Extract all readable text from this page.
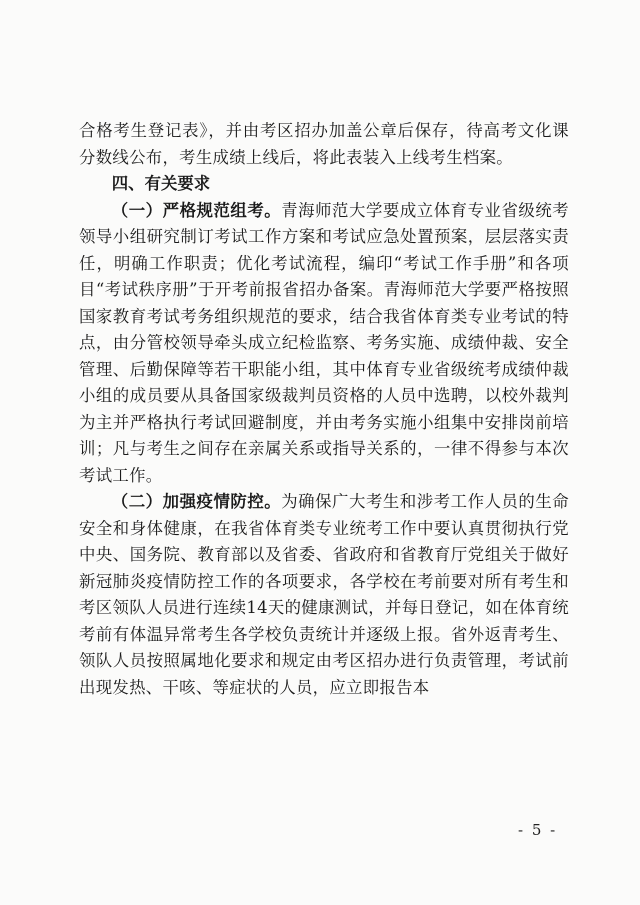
合格考生登记表》，并由考区招办加盖公章后保存，待高考文化课分数线公布，考生成绩上线后，将此表装入上线考生档案。

四、有关要求

（一）严格规范组考。青海师范大学要成立体育专业省级统考领导小组研究制订考试工作方案和考试应急处置预案，层层落实责任，明确工作职责；优化考试流程，编印“考试工作手册”和各项目“考试秩序册”于开考前报省招办备案。青海师范大学要严格按照国家教育考试考务组织规范的要求，结合我省体育类专业考试的特点，由分管校领导牵头成立纪检监察、考务实施、成绩仲裁、安全管理、后勤保障等若干职能小组，其中体育专业省级统考成绩仲裁小组的成员要从具备国家级裁判员资格的人员中选聘，以校外裁判为主并严格执行考试回避制度，并由考务实施小组集中安排岗前培训；凡与考生之间存在亲属关系或指导关系的，一律不得参与本次考试工作。

（二）加强疫情防控。为确保广大考生和涉考工作人员的生命安全和身体健康，在我省体育类专业统考工作中要认真贯彻执行党中央、国务院、教育部以及省委、省政府和省教育厅党组关于做好新冠肺炎疫情防控工作的各项要求，各学校在考前要对所有考生和考区领队人员进行连续14天的健康测试，并每日登记，如在体育统考前有体温异常考生各学校负责统计并逐级上报。省外返青考生、领队人员按照属地化要求和规定由考区招办进行负责管理，考试前出现发热、干咳、等症状的人员，应立即报告本

- 5 -
